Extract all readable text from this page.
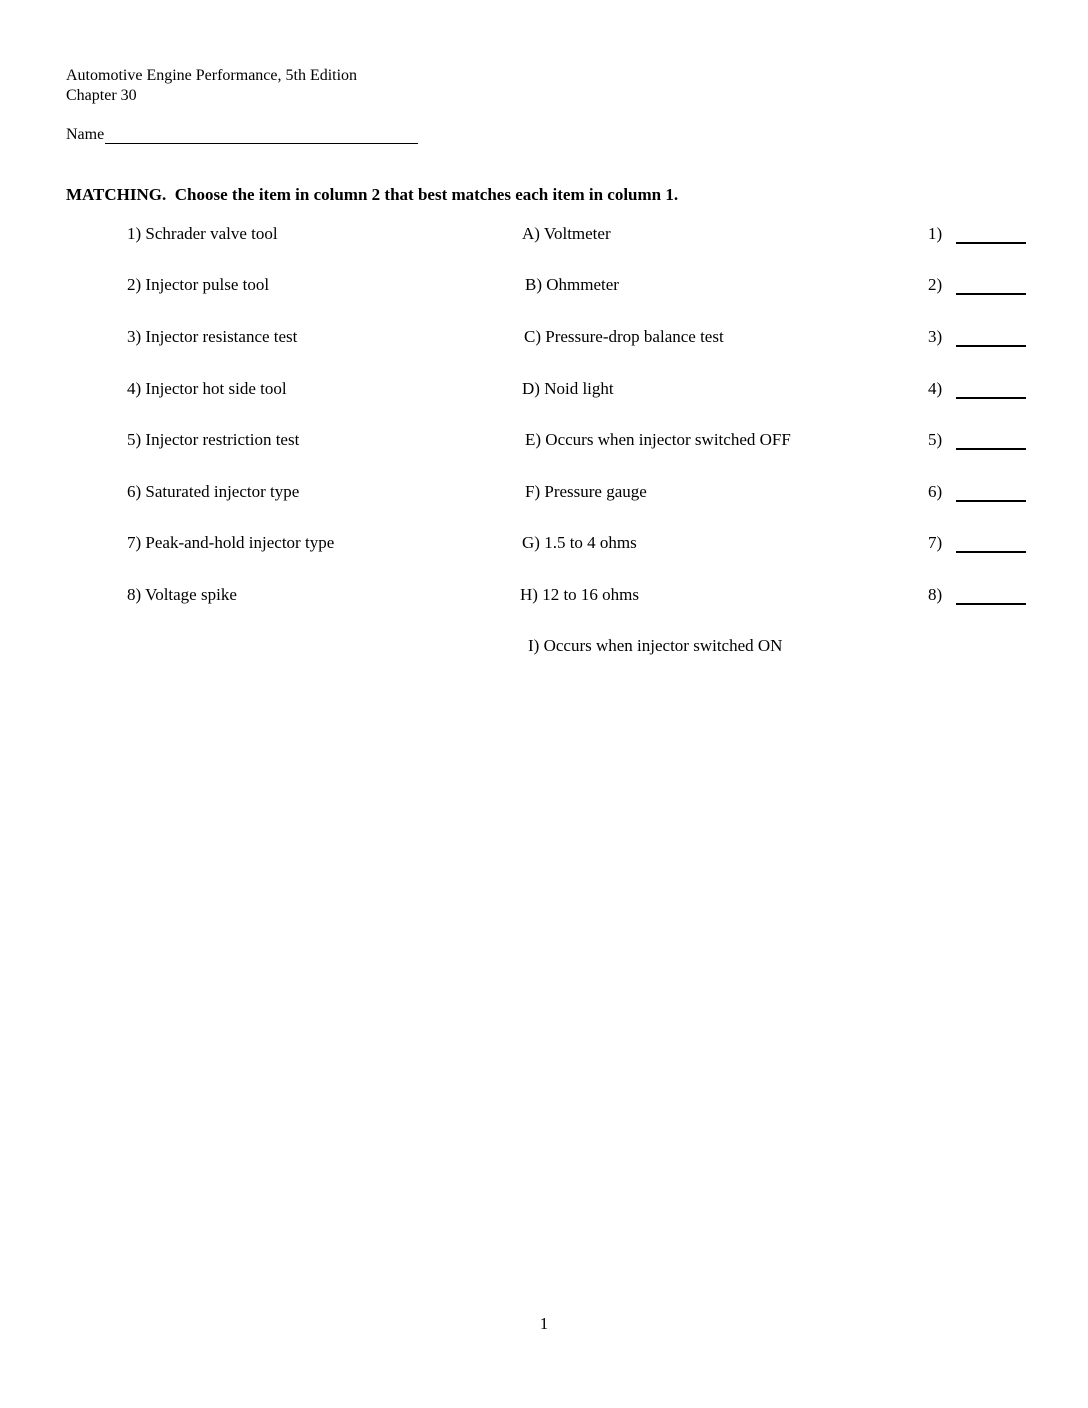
Automotive Engine Performance, 5th Edition
Chapter 30
Name
MATCHING.  Choose the item in column 2 that best matches each item in column 1.
1) Schrader valve tool	A) Voltmeter	1)
2) Injector pulse tool	B) Ohmmeter	2)
3) Injector resistance test	C) Pressure-drop balance test	3)
4) Injector hot side tool	D) Noid light	4)
5) Injector restriction test	E) Occurs when injector switched OFF	5)
6) Saturated injector type	F) Pressure gauge	6)
7) Peak-and-hold injector type	G) 1.5 to 4 ohms	7)
8) Voltage spike	H) 12 to 16 ohms	8)
I) Occurs when injector switched ON
1
